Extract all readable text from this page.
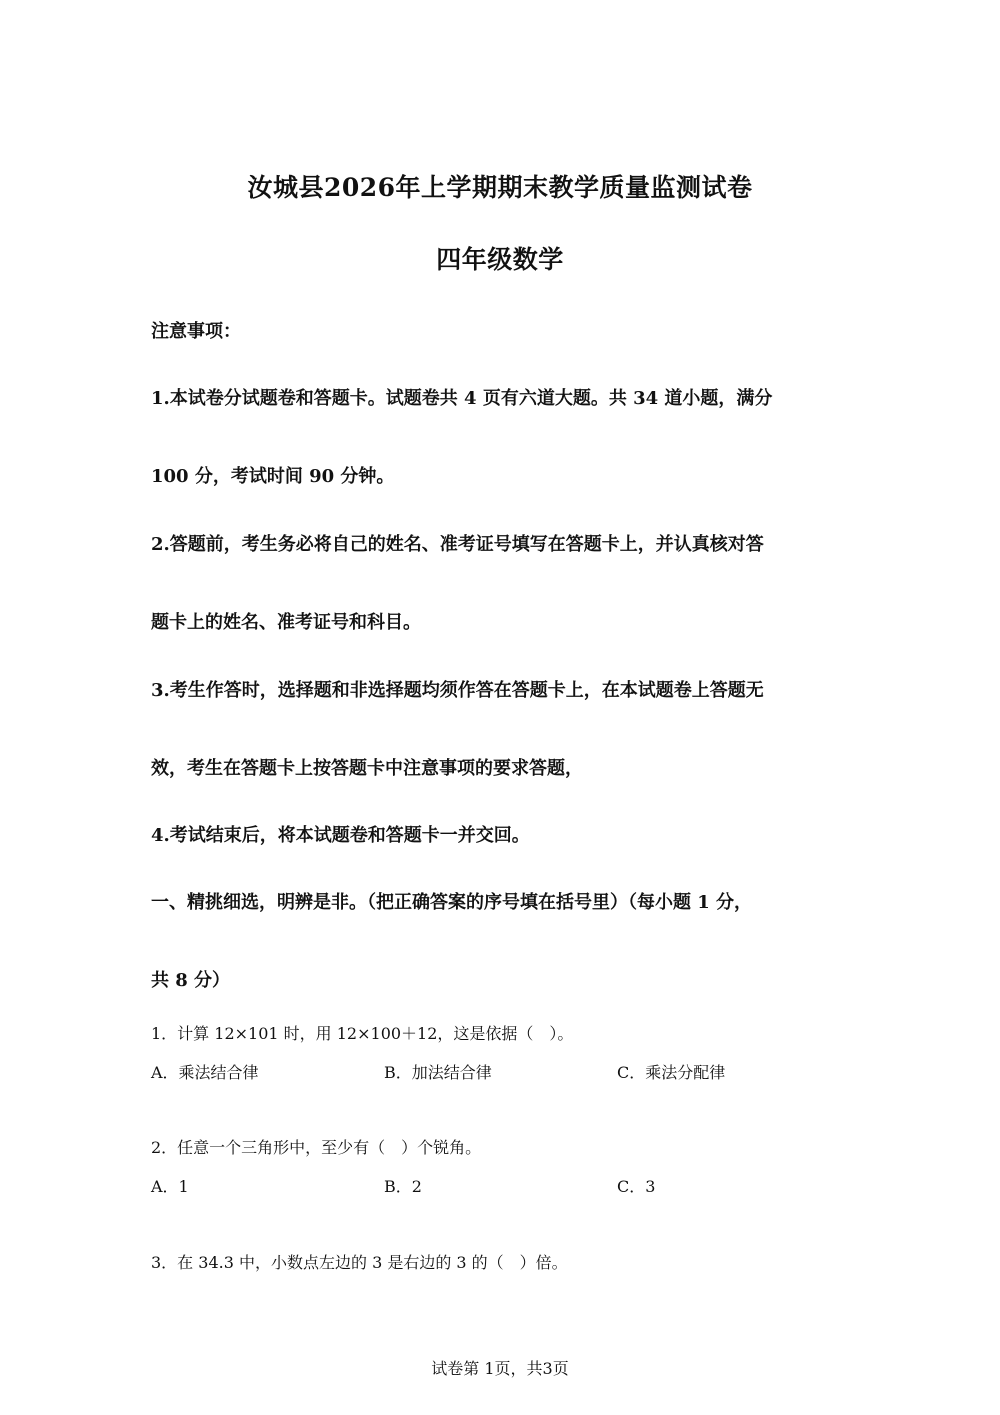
汝城县2026年上学期期末教学质量监测试卷
四年级数学
注意事项：
1.本试卷分试题卷和答题卡。试题卷共 4 页有六道大题。共 34 道小题，满分
100 分，考试时间 90 分钟。
2.答题前，考生务必将自己的姓名、准考证号填写在答题卡上，并认真核对答
题卡上的姓名、准考证号和科目。
3.考生作答时，选择题和非选择题均须作答在答题卡上，在本试题卷上答题无
效，考生在答题卡上按答题卡中注意事项的要求答题，
4.考试结束后，将本试题卷和答题卡一并交回。
一、精挑细选，明辨是非。（把正确答案的序号填在括号里）（每小题 1 分，
共 8 分）
1．计算 12×101 时，用 12×100＋12，这是依据（　）。
A．乘法结合律	B．加法结合律	C．乘法分配律
2．任意一个三角形中，至少有（　）个锐角。
A．1	B．2	C．3
3．在 34.3 中，小数点左边的 3 是右边的 3 的（　）倍。
试卷第 1页，共3页
